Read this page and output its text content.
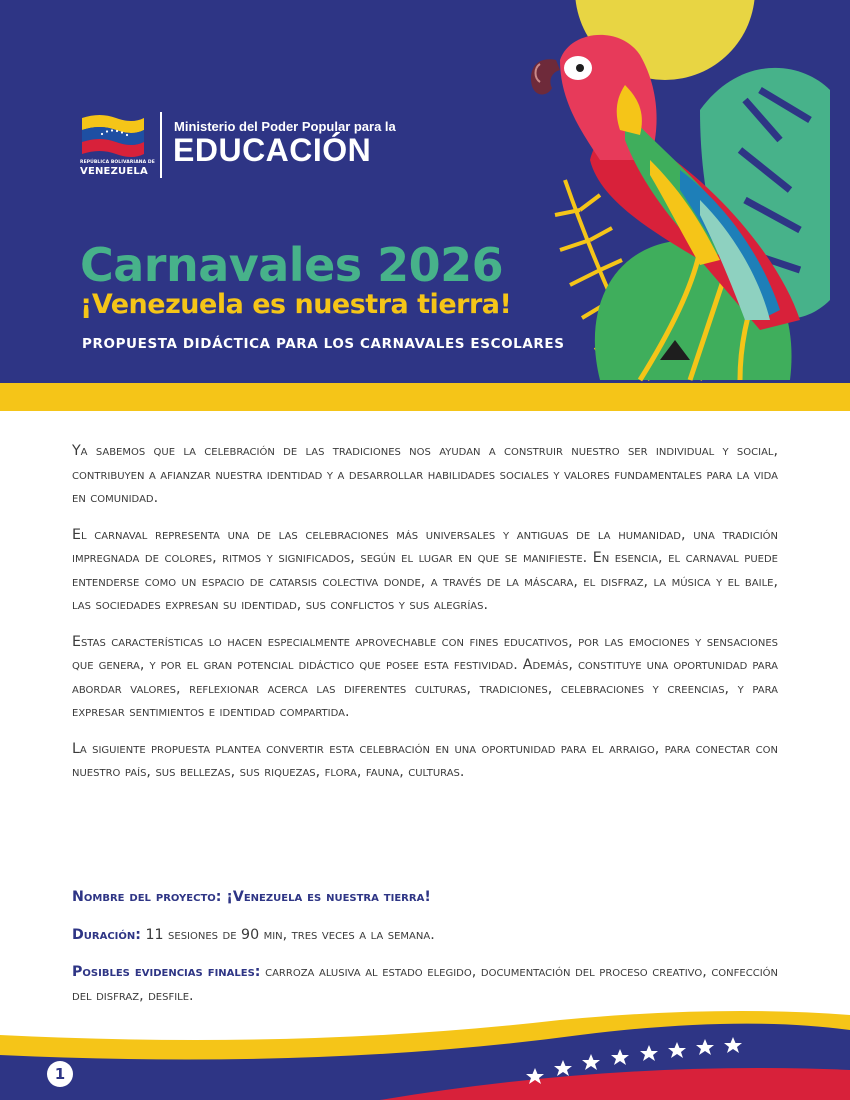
REPÚBLICA BOLIVARIANA DE
VENEZUELA
Ministerio del Poder Popular para la
EDUCACIÓN
Carnavales 2026
¡Venezuela es nuestra tierra!
PROPUESTA DIDÁCTICA PARA LOS CARNAVALES ESCOLARES

Ya sabemos que la celebración de las tradiciones nos ayudan a construir nuestro ser individual y social, contribuyen a afianzar nuestra identidad y a desarrollar habilidades sociales y valores fundamentales para la vida en comunidad.

El carnaval representa una de las celebraciones más universales y antiguas de la humanidad, una tradición impregnada de colores, ritmos y significados, según el lugar en que se manifieste. En esencia, el carnaval puede entenderse como un espacio de catarsis colectiva donde, a través de la máscara, el disfraz, la música y el baile, las sociedades expresan su identidad, sus conflictos y sus alegrías.

Estas características lo hacen especialmente aprovechable con fines educativos, por las emociones y sensaciones que genera, y por el gran potencial didáctico que posee esta festividad. Además, constituye una oportunidad para abordar valores, reflexionar acerca las diferentes culturas, tradiciones, celebraciones y creencias, y para expresar sentimientos e identidad compartida.

La siguiente propuesta plantea convertir esta celebración en una oportunidad para el arraigo, para conectar con nuestro país, sus bellezas, sus riquezas, flora, fauna, culturas.

Nombre del proyecto: ¡Venezuela es nuestra tierra!
Duración: 11 sesiones de 90 min, tres veces a la semana.
Posibles evidencias finales: carroza alusiva al estado elegido, documentación del proceso creativo, confección del disfraz, desfile.
1
